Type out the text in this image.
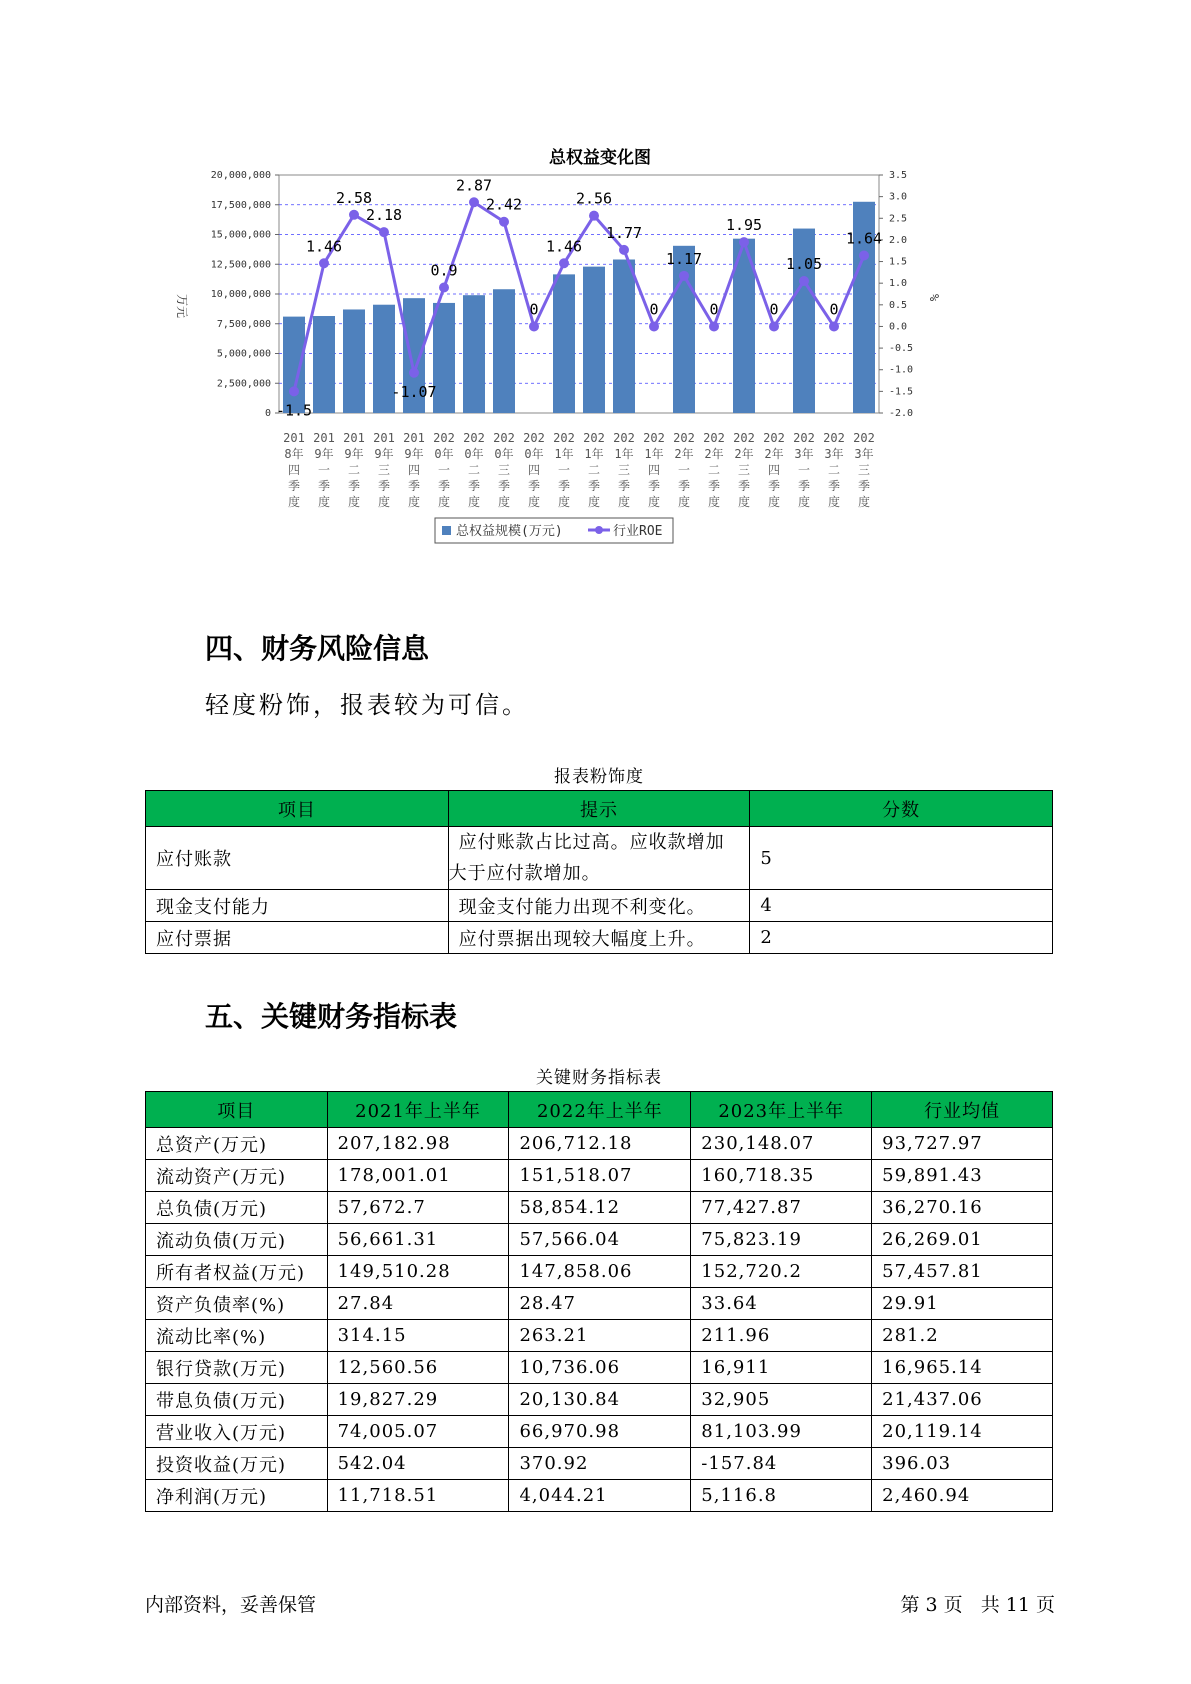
总权益变化图
20,000,000
17,500,000
15,000,000
12,500,000
10,000,000
7,500,000
5,000,000
2,500,000
0
3.5
3.0
2.5
2.0
1.5
1.0
0.5
0.0
-0.5
-1.0
-1.5
-2.0
万元	%
-1.5
1.46
2.58
2.18
-1.07
0.9
2.87
2.42
0
1.46
2.56
1.77
0
1.17
0
1.95
0
1.05
0
1.64
201
8年
四
季
度
201
9年
一
季
度
201
9年
二
季
度
201
9年
三
季
度
201
9年
四
季
度
202
0年
一
季
度
202
0年
二
季
度
202
0年
三
季
度
202
0年
四
季
度
202
1年
一
季
度
202
1年
二
季
度
202
1年
三
季
度
202
1年
四
季
度
202
2年
一
季
度
202
2年
二
季
度
202
2年
三
季
度
202
2年
四
季
度
202
3年
一
季
度
202
3年
二
季
度
202
3年
三
季
度
总权益规模(万元)	行业ROE
四、财务风险信息
轻度粉饰，报表较为可信。
报表粉饰度
项目	提示	分数
应付账款	应付账款占比过高。应收款增加
大于应付款增加。	5
现金支付能力	现金支付能力出现不利变化。	4
应付票据	应付票据出现较大幅度上升。	2
五、关键财务指标表
关键财务指标表
项目	2021年上半年	2022年上半年	2023年上半年	行业均值
总资产(万元)	207,182.98	206,712.18	230,148.07	93,727.97
流动资产(万元)	178,001.01	151,518.07	160,718.35	59,891.43
总负债(万元)	57,672.7	58,854.12	77,427.87	36,270.16
流动负债(万元)	56,661.31	57,566.04	75,823.19	26,269.01
所有者权益(万元)	149,510.28	147,858.06	152,720.2	57,457.81
资产负债率(%)	27.84	28.47	33.64	29.91
流动比率(%)	314.15	263.21	211.96	281.2
银行贷款(万元)	12,560.56	10,736.06	16,911	16,965.14
带息负债(万元)	19,827.29	20,130.84	32,905	21,437.06
营业收入(万元)	74,005.07	66,970.98	81,103.99	20,119.14
投资收益(万元)	542.04	370.92	-157.84	396.03
净利润(万元)	11,718.51	4,044.21	5,116.8	2,460.94
内部资料，妥善保管	第 3 页   共 11 页
